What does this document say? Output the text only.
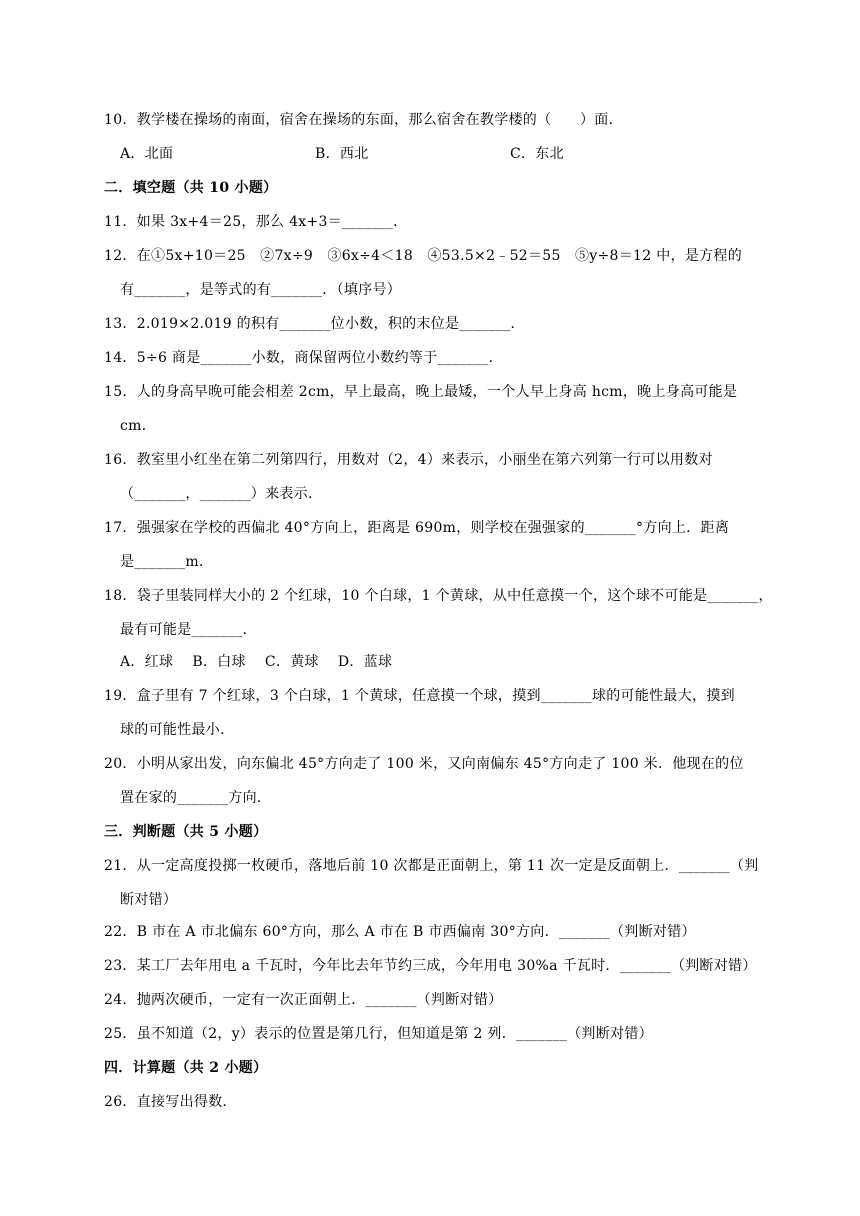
10．教学楼在操场的南面，宿舍在操场的东面，那么宿舍在教学楼的（　　）面．
A．北面	B．西北	C．东北
二．填空题（共 10 小题）
11．如果 3x+4＝25，那么 4x+3＝_______．
12．在①5x+10＝25　②7x÷9　③6x÷4＜18　④53.5×2﹣52＝55　⑤y÷8＝12 中，是方程的
有_______，是等式的有_______．（填序号）
13．2.019×2.019 的积有_______位小数，积的末位是_______．
14．5÷6 商是_______小数，商保留两位小数约等于_______．
15．人的身高早晚可能会相差 2cm，早上最高，晚上最矮，一个人早上身高 hcm，晚上身高可能是
cm．
16．教室里小红坐在第二列第四行，用数对（2，4）来表示，小丽坐在第六列第一行可以用数对
（_______，_______）来表示．
17．强强家在学校的西偏北 40°方向上，距离是 690m，则学校在强强家的_______°方向上．距离
是_______m．
18．袋子里装同样大小的 2 个红球，10 个白球，1 个黄球，从中任意摸一个，这个球不可能是_______，
最有可能是_______．
A．红球　 B．白球　 C．黄球　 D．蓝球
19．盒子里有 7 个红球，3 个白球，1 个黄球，任意摸一个球，摸到_______球的可能性最大，摸到
球的可能性最小．
20．小明从家出发，向东偏北 45°方向走了 100 米，又向南偏东 45°方向走了 100 米．他现在的位
置在家的_______方向．
三．判断题（共 5 小题）
21．从一定高度投掷一枚硬币，落地后前 10 次都是正面朝上，第 11 次一定是反面朝上．_______（判
断对错）
22．B 市在 A 市北偏东 60°方向，那么 A 市在 B 市西偏南 30°方向．_______（判断对错）
23．某工厂去年用电 a 千瓦时，今年比去年节约三成，今年用电 30%a 千瓦时．_______（判断对错）
24．抛两次硬币，一定有一次正面朝上．_______（判断对错）
25．虽不知道（2，y）表示的位置是第几行，但知道是第 2 列．_______（判断对错）
四．计算题（共 2 小题）
26．直接写出得数．
